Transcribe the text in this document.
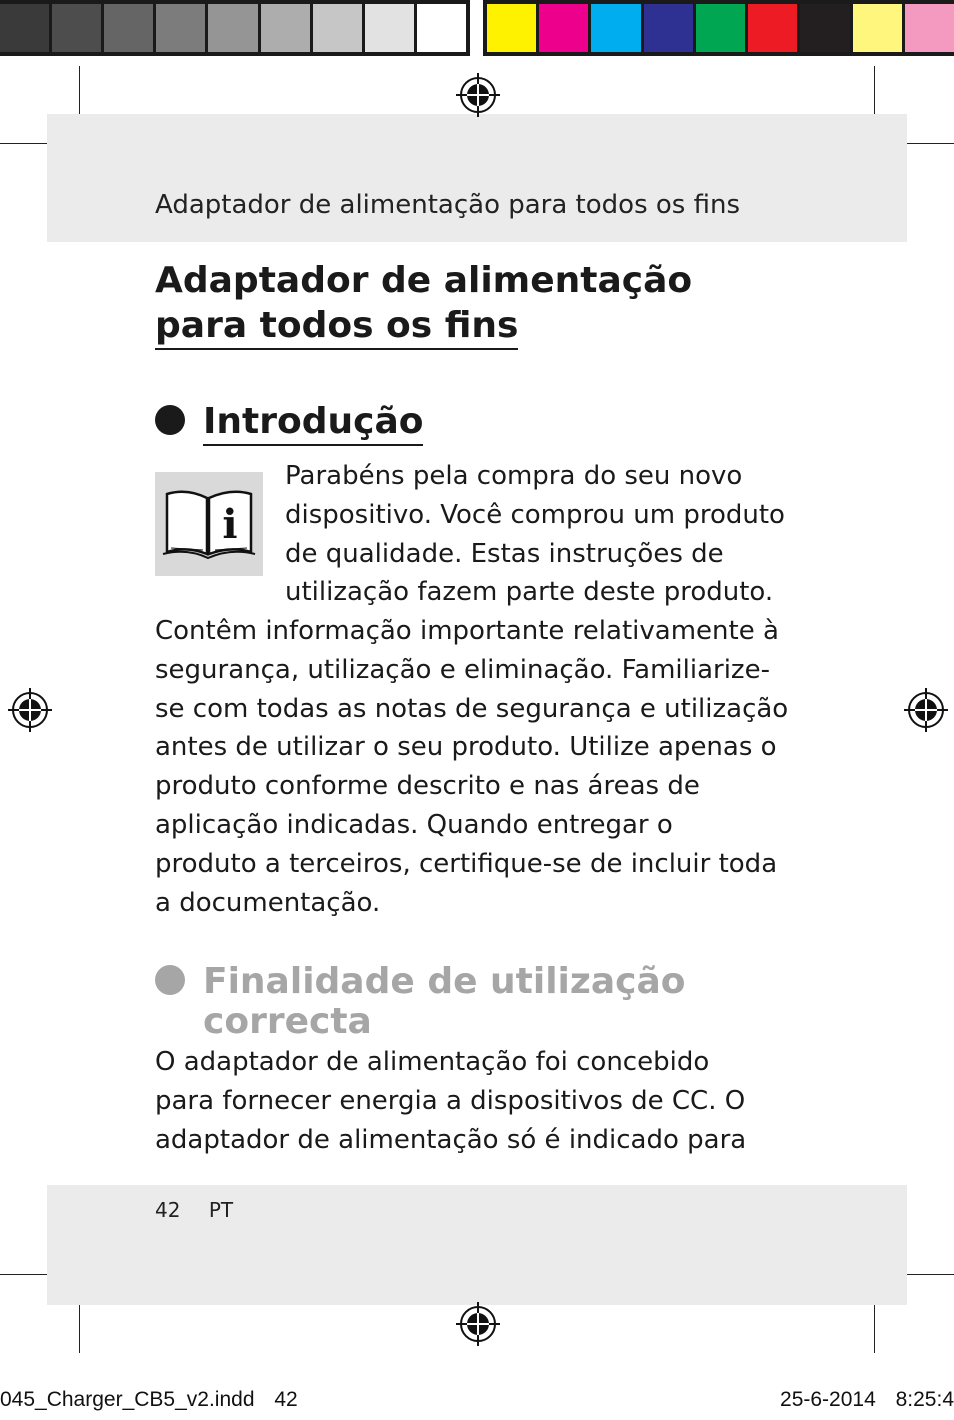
Adaptador de alimentação para todos os fins
Adaptador de alimentação
para todos os fins
Introdução
i
Parabéns pela compra do seu novo
dispositivo. Você comprou um produto
de qualidade. Estas instruções de
utilização fazem parte deste produto.
Contêm informação importante relativamente à
segurança, utilização e eliminação. Familiarize-
se com todas as notas de segurança e utilização
antes de utilizar o seu produto. Utilize apenas o
produto conforme descrito e nas áreas de
aplicação indicadas. Quando entregar o
produto a terceiros, certifique-se de incluir toda
a documentação.
Finalidade de utilização
correcta
O adaptador de alimentação foi concebido
para fornecer energia a dispositivos de CC. O
adaptador de alimentação só é indicado para
42 PT
045_Charger_CB5_v2.indd 42	25-6-2014 8:25:4
